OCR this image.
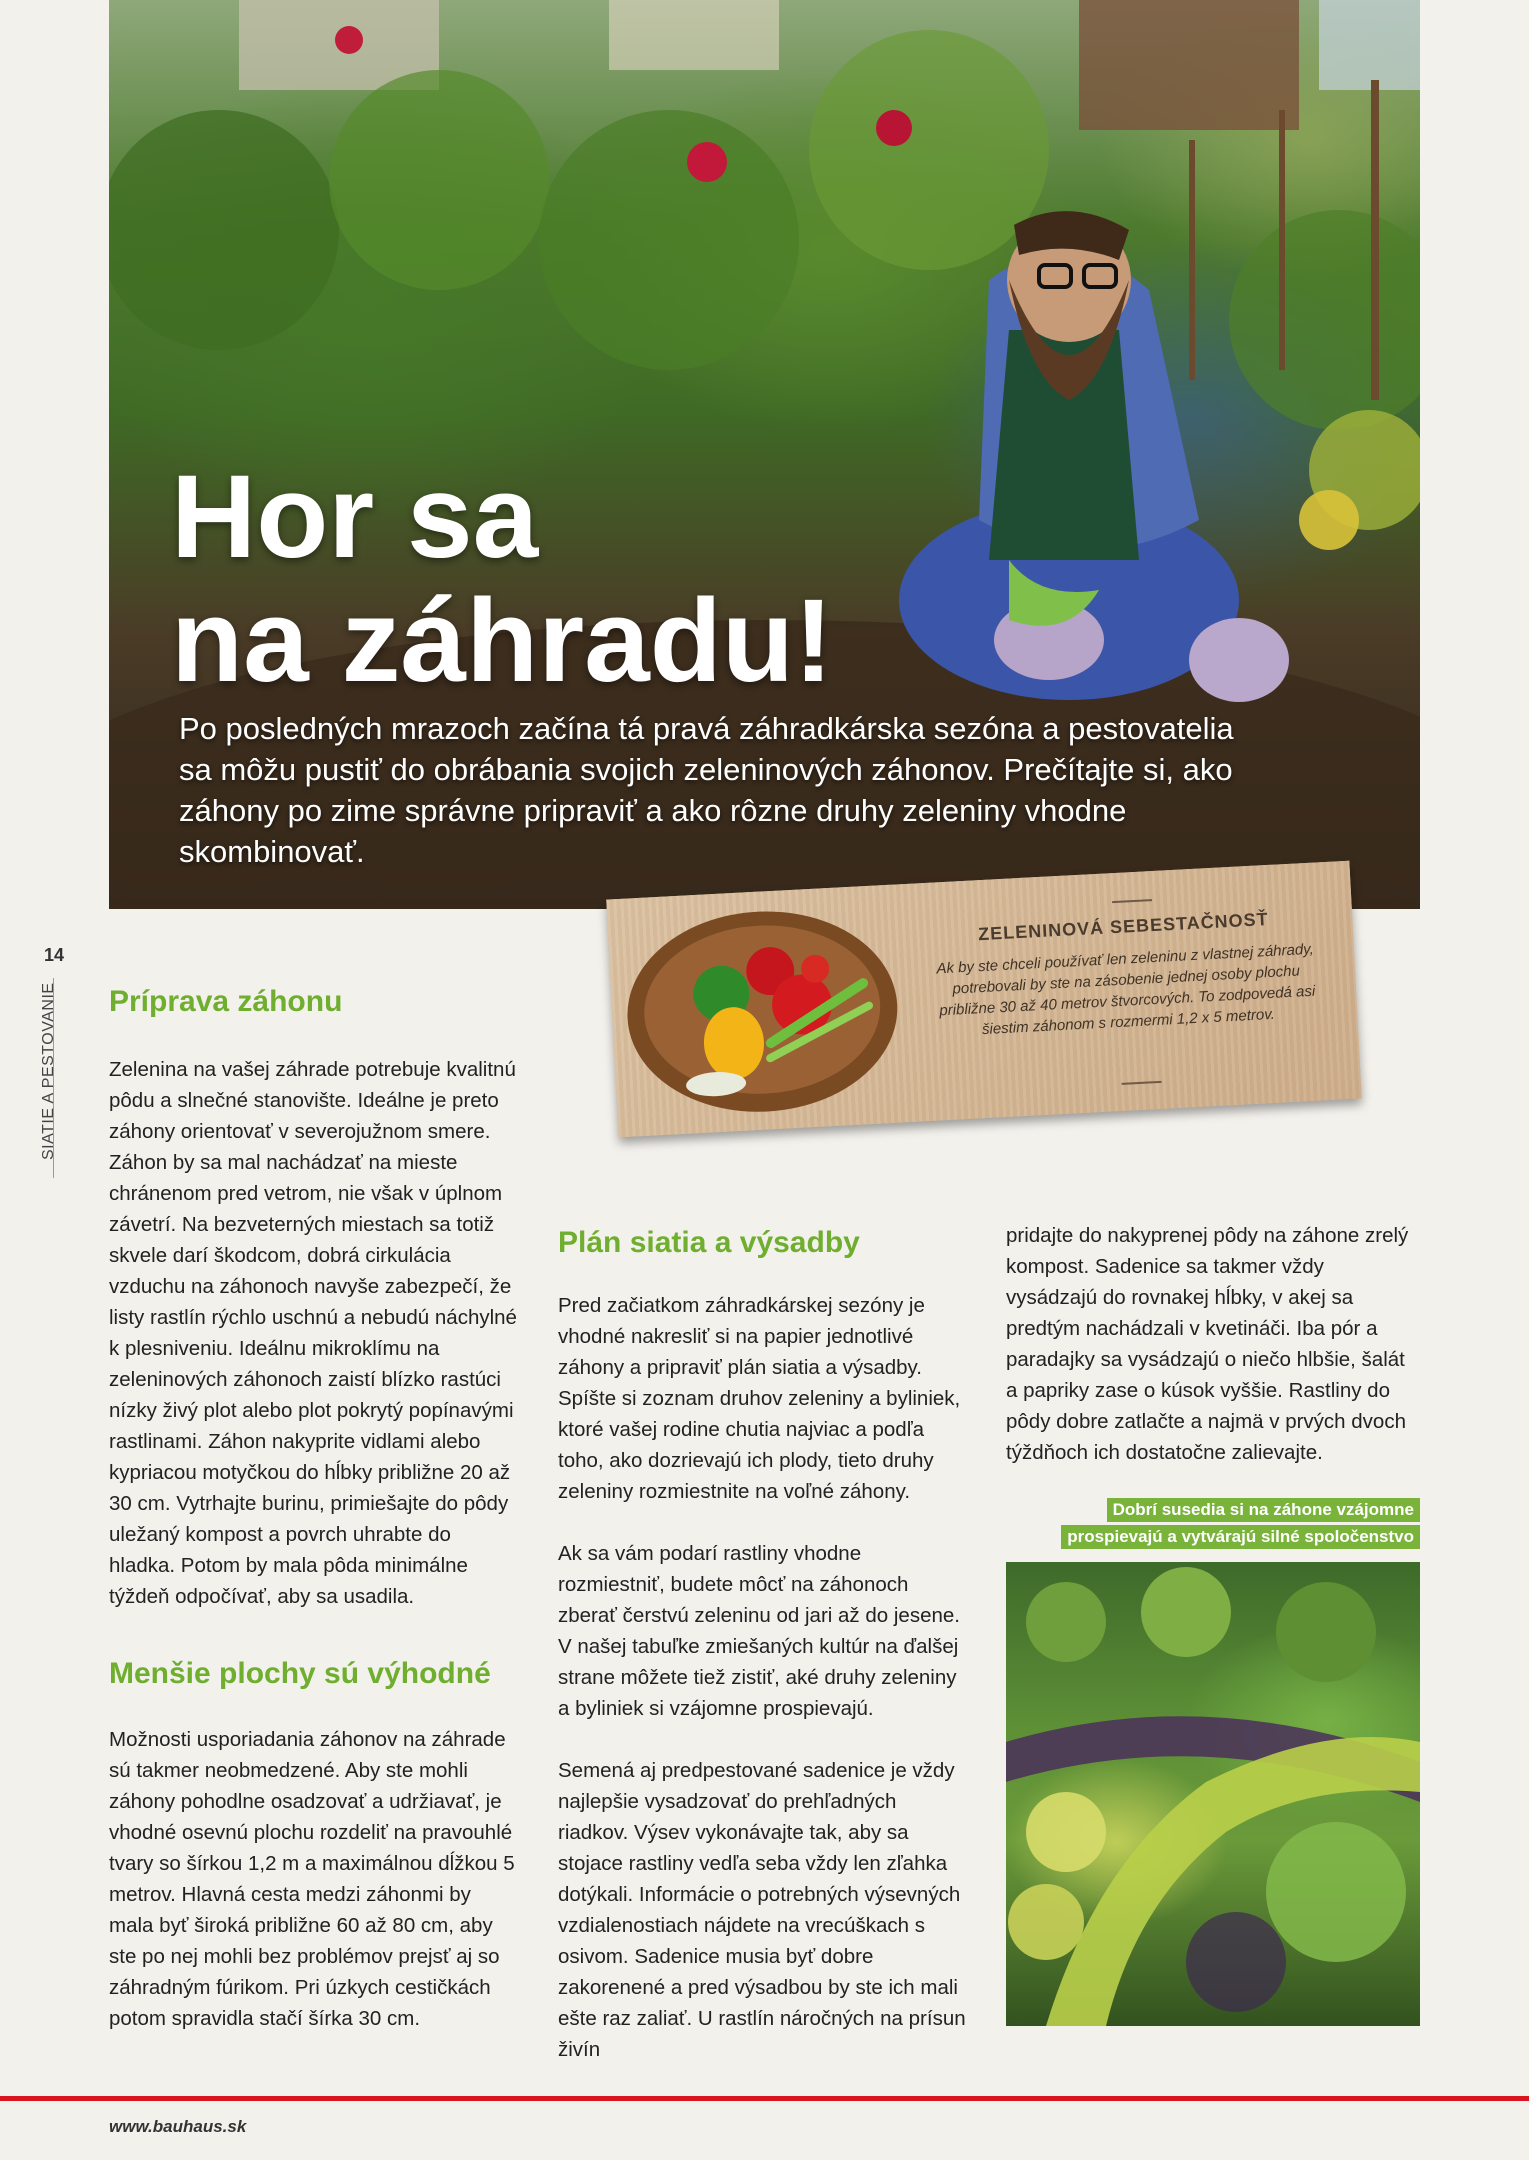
Hor sa
na záhradu!

Po posledných mrazoch začína tá pravá záhradkárska sezóna a pestovatelia sa môžu pustiť do obrábania svojich zeleninových záhonov. Prečítajte si, ako záhony po zime správne pripraviť a ako rôzne druhy zeleniny vhodne skombinovať.

14
SIATIE A PESTOVANIE
ZELENINOVÁ SEBESTAČNOSŤ
Ak by ste chceli používať len zeleninu z vlastnej záhrady, potrebovali by ste na zásobenie jednej osoby plochu približne 30 až 40 metrov štvorcových. To zodpovedá asi šiestim záhonom s rozmermi 1,2 x 5 metrov.
Príprava záhonu

Zelenina na vašej záhrade potrebuje kvalitnú pôdu a slnečné stanovište. Ideálne je preto záhony orientovať v severojužnom smere. Záhon by sa mal nachádzať na mieste chránenom pred vetrom, nie však v úplnom závetrí. Na bezveterných miestach sa totiž skvele darí škodcom, dobrá cirkulácia vzduchu na záhonoch navyše zabezpečí, že listy rastlín rýchlo uschnú a nebudú náchylné k plesniveniu. Ideálnu mikroklímu na zeleninových záhonoch zaistí blízko rastúci nízky živý plot alebo plot pokrytý popínavými rastlinami. Záhon nakyprite vidlami alebo kypriacou motyčkou do hĺbky približne 20 až 30 cm. Vytrhajte burinu, primiešajte do pôdy uležaný kompost a povrch uhrabte do hladka. Potom by mala pôda minimálne týždeň odpočívať, aby sa usadila.

Menšie plochy sú výhodné

Možnosti usporiadania záhonov na záhrade sú takmer neobmedzené. Aby ste mohli záhony pohodlne osadzovať a udržiavať, je vhodné osevnú plochu rozdeliť na pravouhlé tvary so šírkou 1,2 m a maximálnou dĺžkou 5 metrov. Hlavná cesta medzi záhonmi by mala byť široká približne 60 až 80 cm, aby ste po nej mohli bez problémov prejsť aj so záhradným fúrikom. Pri úzkych cestičkách potom spravidla stačí šírka 30 cm.

Plán siatia a výsadby

Pred začiatkom záhradkárskej sezóny je vhodné nakresliť si na papier jednotlivé záhony a pripraviť plán siatia a výsadby. Spíšte si zoznam druhov zeleniny a byliniek, ktoré vašej rodine chutia najviac a podľa toho, ako dozrievajú ich plody, tieto druhy zeleniny rozmiestnite na voľné záhony.

Ak sa vám podarí rastliny vhodne rozmiestniť, budete môcť na záhonoch zberať čerstvú zeleninu od jari až do jesene. V našej tabuľke zmiešaných kultúr na ďalšej strane môžete tiež zistiť, aké druhy zeleniny a byliniek si vzájomne prospievajú.

Semená aj predpestované sadenice je vždy najlepšie vysadzovať do prehľadných riadkov. Výsev vykonávajte tak, aby sa stojace rastliny vedľa seba vždy len zľahka dotýkali. Informácie o potrebných výsevných vzdialenostiach nájdete na vrecúškach s osivom. Sadenice musia byť dobre zakorenené a pred výsadbou by ste ich mali ešte raz zaliať. U rastlín náročných na prísun živín

pridajte do nakyprenej pôdy na záhone zrelý kompost. Sadenice sa takmer vždy vysádzajú do rovnakej hĺbky, v akej sa predtým nachádzali v kvetináči. Iba pór a paradajky sa vysádzajú o niečo hlbšie, šalát a papriky zase o kúsok vyššie. Rastliny do pôdy dobre zatlačte a najmä v prvých dvoch týždňoch ich dostatočne zalievajte.

Dobrí susedia si na záhone vzájomne
prospievajú a vytvárajú silné spoločenstvo
www.bauhaus.sk
